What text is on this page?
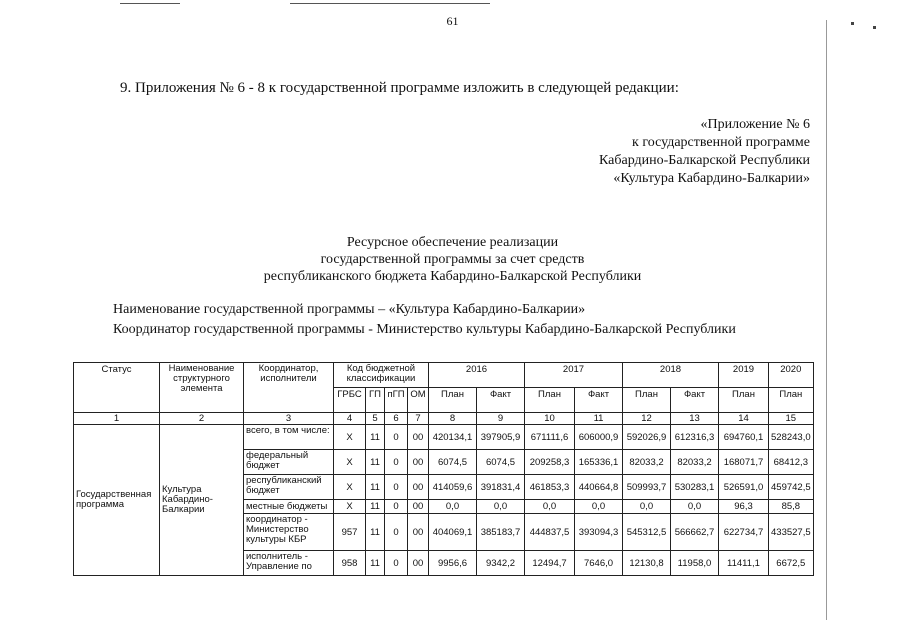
61
9. Приложения № 6 - 8 к государственной программе изложить в следующей редакции:
«Приложение № 6
к государственной программе
Кабардино-Балкарской Республики
«Культура Кабардино-Балкарии»
Ресурсное обеспечение реализации
государственной программы за счет средств
республиканского бюджета Кабардино-Балкарской Республики
Наименование государственной программы – «Культура Кабардино-Балкарии»
Координатор государственной программы - Министерство культуры Кабардино-Балкарской Республики
Статус	Наименование структурного элемента	Координатор, исполнители	Код бюджетной классификации				2016		2017		2018		2019	2020
			ГРБС	ГП	пГП	ОМ	План	Факт	План	Факт	План	Факт	План	План
1	2	3	4	5	6	7	8	9	10	11	12	13	14	15
Государственная программа	Культура Кабардино-Балкарии	всего, в том числе:	X	11	0	00	420134,1	397905,9	671111,6	606000,9	592026,9	612316,3	694760,1	528243,0
		федеральный бюджет	X	11	0	00	6074,5	6074,5	209258,3	165336,1	82033,2	82033,2	168071,7	68412,3
		республиканский бюджет	X	11	0	00	414059,6	391831,4	461853,3	440664,8	509993,7	530283,1	526591,0	459742,5
		местные бюджеты	X	11	0	00	0,0	0,0	0,0	0,0	0,0	0,0	96,3	85,8
		координатор - Министерство культуры КБР	957	11	0	00	404069,1	385183,7	444837,5	393094,3	545312,5	566662,7	622734,7	433527,5
		исполнитель - Управление по	958	11	0	00	9956,6	9342,2	12494,7	7646,0	12130,8	11958,0	11411,1	6672,5
